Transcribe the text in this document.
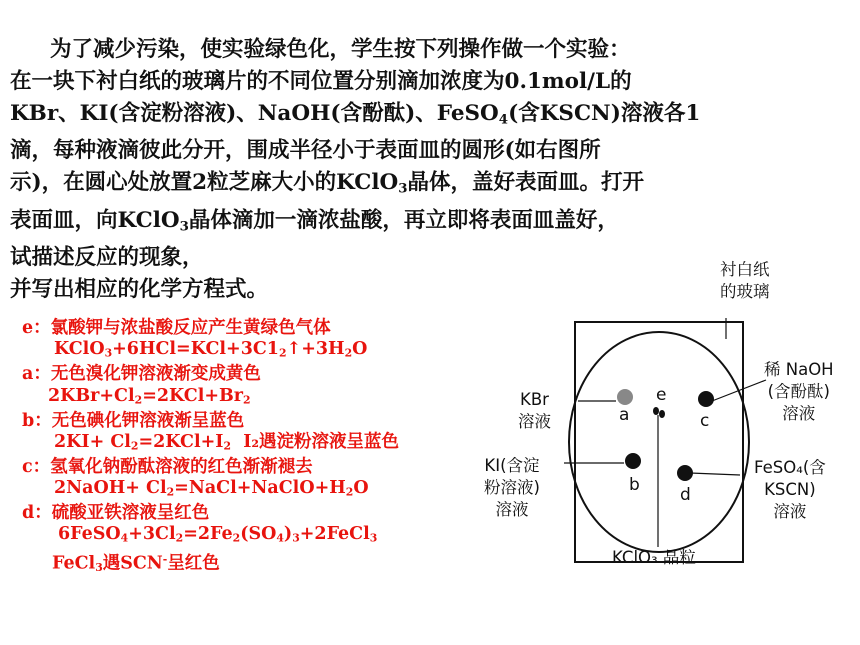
为了减少污染，使实验绿色化，学生按下列操作做一个实验：

在一块下衬白纸的玻璃片的不同位置分别滴加浓度为0.1mol/L的

KBr、KI(含淀粉溶液)、NaOH(含酚酞)、FeSO$_4$(含KSCN)溶液各1

滴，每种液滴彼此分开，围成半径小于表面皿的圆形(如右图所

示)，在圆心处放置2粒芝麻大小的KClO$_3$晶体，盖好表面皿。打开

表面皿，向KClO$_3$晶体滴加一滴浓盐酸，再立即将表面皿盖好，

试描述反应的现象，

并写出相应的化学方程式。

e：氯酸钾与浓盐酸反应产生黄绿色气体
$KClO_3+6HCl=KCl+3C1_2↑+3H_2O$
a：无色溴化钾溶液渐变成黄色
$2KBr+Cl_2=2KCl+Br_2$
b：无色碘化钾溶液渐呈蓝色
$2KI+ Cl_2=2KCl+I_2$ I₂遇淀粉溶液呈蓝色
c：氢氧化钠酚酞溶液的红色渐渐褪去
2NaOH+ $Cl_2=NaCl+NaClO+H_2O$
d：硫酸亚铁溶液呈红色
$6FeSO_4+3Cl_2=2Fe_2(SO_4)_3+2FeCl_3$
FeCl$_3$遇SCN-呈红色
衬白纸
的玻璃
KBr
溶液
稀 NaOH
(含酚酞)
溶液
KI(含淀
粉溶液)
溶液
FeSO₄(含
KSCN)
溶液
KClO₃ 晶粒
a	c
b d
e
